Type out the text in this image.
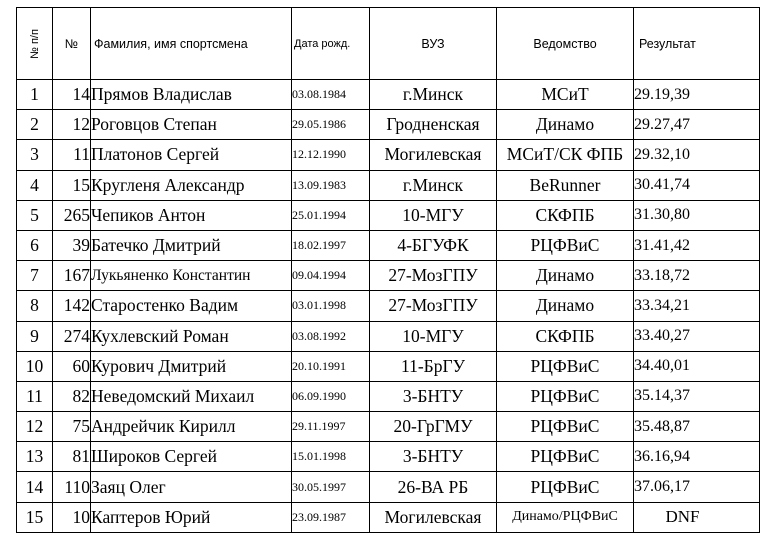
№ п/п	№	Фамилия, имя спортсмена	Дата рожд.	ВУЗ	Ведомство	Результат
1	14	Прямов Владислав	03.08.1984	г.Минск	МСиТ	29.19,39
2	12	Роговцов Степан	29.05.1986	Гродненская	Динамо	29.27,47
3	11	Платонов Сергей	12.12.1990	Могилевская	МСиТ/СК ФПБ	29.32,10
4	15	Кругленя Александр	13.09.1983	г.Минск	BeRunner	30.41,74
5	265	Чепиков Антон	25.01.1994	10-МГУ	СКФПБ	31.30,80
6	39	Батечко Дмитрий	18.02.1997	4-БГУФК	РЦФВиС	31.41,42
7	167	Лукьяненко Константин	09.04.1994	27-МозГПУ	Динамо	33.18,72
8	142	Старостенко Вадим	03.01.1998	27-МозГПУ	Динамо	33.34,21
9	274	Кухлевский Роман	03.08.1992	10-МГУ	СКФПБ	33.40,27
10	60	Курович Дмитрий	20.10.1991	11-БрГУ	РЦФВиС	34.40,01
11	82	Неведомский Михаил	06.09.1990	3-БНТУ	РЦФВиС	35.14,37
12	75	Андрейчик Кирилл	29.11.1997	20-ГрГМУ	РЦФВиС	35.48,87
13	81	Широков Сергей	15.01.1998	3-БНТУ	РЦФВиС	36.16,94
14	110	Заяц Олег	30.05.1997	26-ВА РБ	РЦФВиС	37.06,17
15	10	Каптеров Юрий	23.09.1987	Могилевская	Динамо/РЦФВиС	DNF
